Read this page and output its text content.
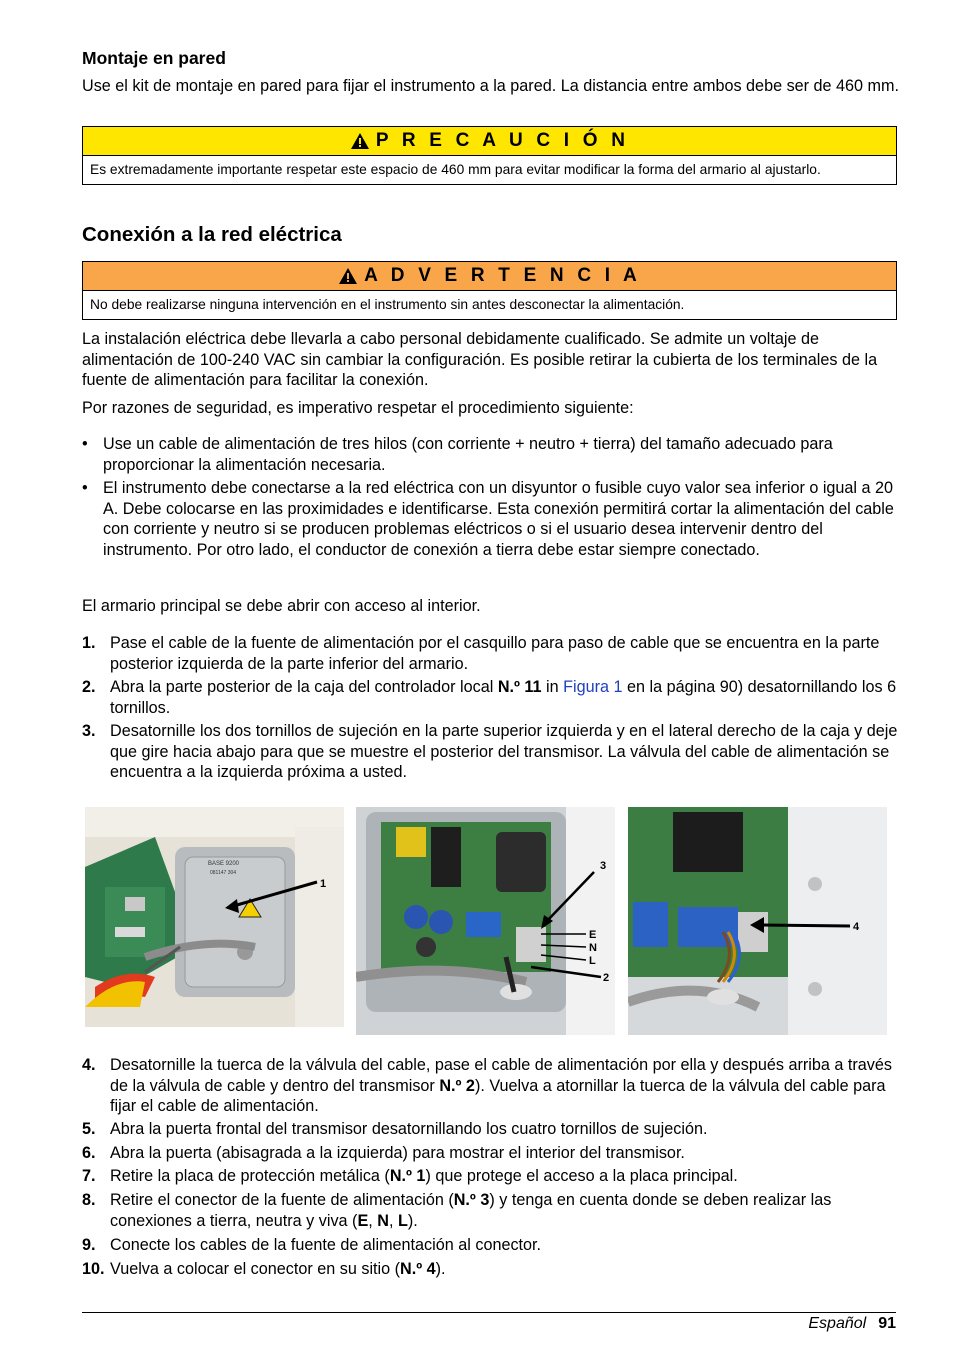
Montaje en pared
Use el kit de montaje en pared para fijar el instrumento a la pared. La distancia entre ambos debe ser de 460 mm.
P R E C A U C I Ó N
Es extremadamente importante respetar este espacio de 460 mm para evitar modificar la forma del armario al ajustarlo.
Conexión a la red eléctrica
A D V E R T E N C I A
No debe realizarse ninguna intervención en el instrumento sin antes desconectar la alimentación.
La instalación eléctrica debe llevarla a cabo personal debidamente cualificado. Se admite un voltaje de alimentación de 100-240 VAC sin cambiar la configuración. Es posible retirar la cubierta de los terminales de la fuente de alimentación para facilitar la conexión.
Por razones de seguridad, es imperativo respetar el procedimiento siguiente:
• Use un cable de alimentación de tres hilos (con corriente + neutro + tierra) del tamaño adecuado para proporcionar la alimentación necesaria.
• El instrumento debe conectarse a la red eléctrica con un disyuntor o fusible cuyo valor sea inferior o igual a 20 A. Debe colocarse en las proximidades e identificarse. Esta conexión permitirá cortar la alimentación del cable con corriente y neutro si se producen problemas eléctricos o si el usuario desea intervenir dentro del instrumento. Por otro lado, el conductor de conexión a tierra debe estar siempre conectado.
El armario principal se debe abrir con acceso al interior.
1. Pase el cable de la fuente de alimentación por el casquillo para paso de cable que se encuentra en la parte posterior izquierda de la parte inferior del armario.
2. Abra la parte posterior de la caja del controlador local N.º 11 in Figura 1 en la página 90) desatornillando los 6 tornillos.
3. Desatornille los dos tornillos de sujeción en la parte superior izquierda y en el lateral derecho de la caja y deje que gire hacia abajo para que se muestre el posterior del transmisor. La válvula del cable de alimentación se encuentra a la izquierda próxima a usted.
BASE 9200
081147 304
1
3
E
N
L
2
4
4. Desatornille la tuerca de la válvula del cable, pase el cable de alimentación por ella y después arriba a través de la válvula de cable y dentro del transmisor N.º 2). Vuelva a atornillar la tuerca de la válvula del cable para fijar el cable de alimentación.
5. Abra la puerta frontal del transmisor desatornillando los cuatro tornillos de sujeción.
6. Abra la puerta (abisagrada a la izquierda) para mostrar el interior del transmisor.
7. Retire la placa de protección metálica (N.º 1) que protege el acceso a la placa principal.
8. Retire el conector de la fuente de alimentación (N.º 3) y tenga en cuenta donde se deben realizar las conexiones a tierra, neutra y viva (E, N, L).
9. Conecte los cables de la fuente de alimentación al conector.
10. Vuelva a colocar el conector en su sitio (N.º 4).
Español 91
